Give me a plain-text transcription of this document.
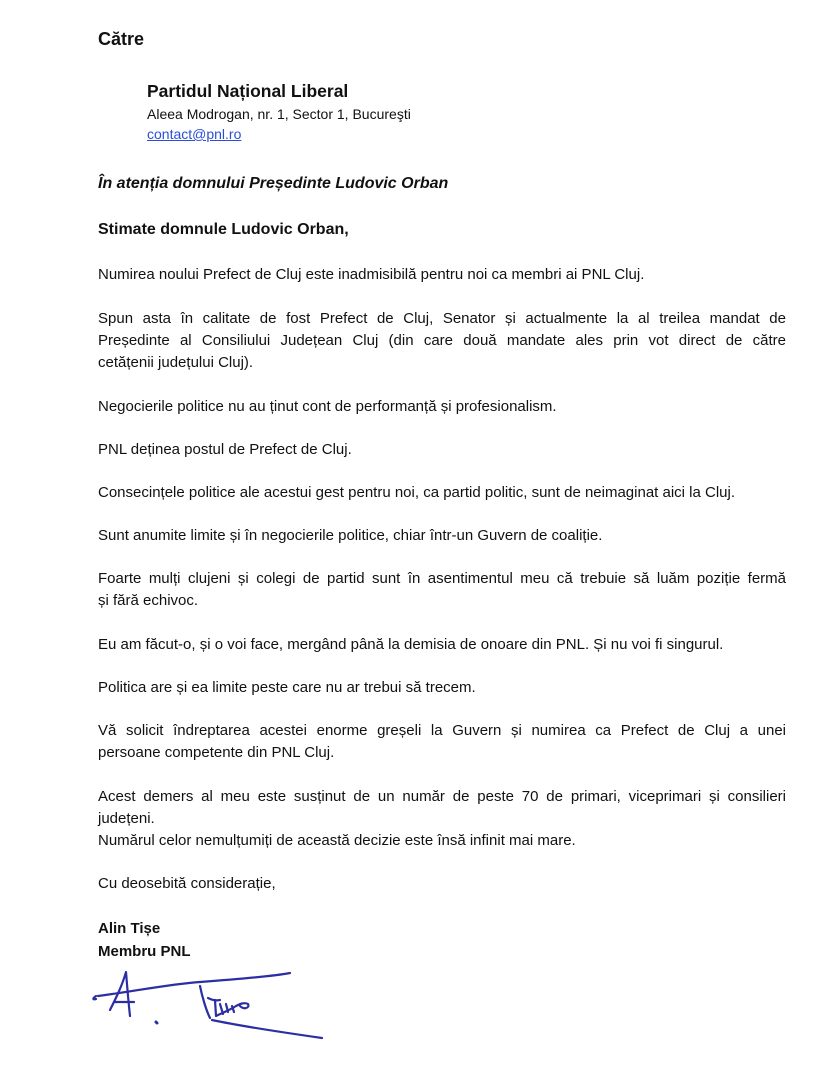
Către
Partidul Național Liberal
Aleea Modrogan, nr. 1, Sector 1, Bucureşti
contact@pnl.ro
În atenția domnului Președinte Ludovic Orban
Stimate domnule Ludovic Orban,

Numirea noului Prefect de Cluj este inadmisibilă pentru noi ca membri ai PNL Cluj.

Spun asta în calitate de fost Prefect de Cluj, Senator și actualmente la al treilea mandat de
Președinte al Consiliului Județean Cluj (din care două mandate ales prin vot direct de către
cetățenii județului Cluj).

Negocierile politice nu au ținut cont de performanță și profesionalism.

PNL deținea postul de Prefect de Cluj.

Consecințele politice ale acestui gest pentru noi, ca partid politic, sunt de neimaginat aici la Cluj.

Sunt anumite limite și în negocierile politice, chiar într-un Guvern de coaliție.

Foarte mulți clujeni și colegi de partid sunt în asentimentul meu că trebuie să luăm poziție fermă
și fără echivoc.

Eu am făcut-o, și o voi face, mergând până la demisia de onoare din PNL. Și nu voi fi singurul.

Politica are și ea limite peste care nu ar trebui să trecem.

Vă solicit îndreptarea acestei enorme greșeli la Guvern și numirea ca Prefect de Cluj a unei
persoane competente din PNL Cluj.

Acest demers al meu este susținut de un număr de peste 70 de primari, viceprimari și consilieri
județeni.
Numărul celor nemulțumiți de această decizie este însă infinit mai mare.

Cu deosebită considerație,

Alin Tișe
Membru PNL
